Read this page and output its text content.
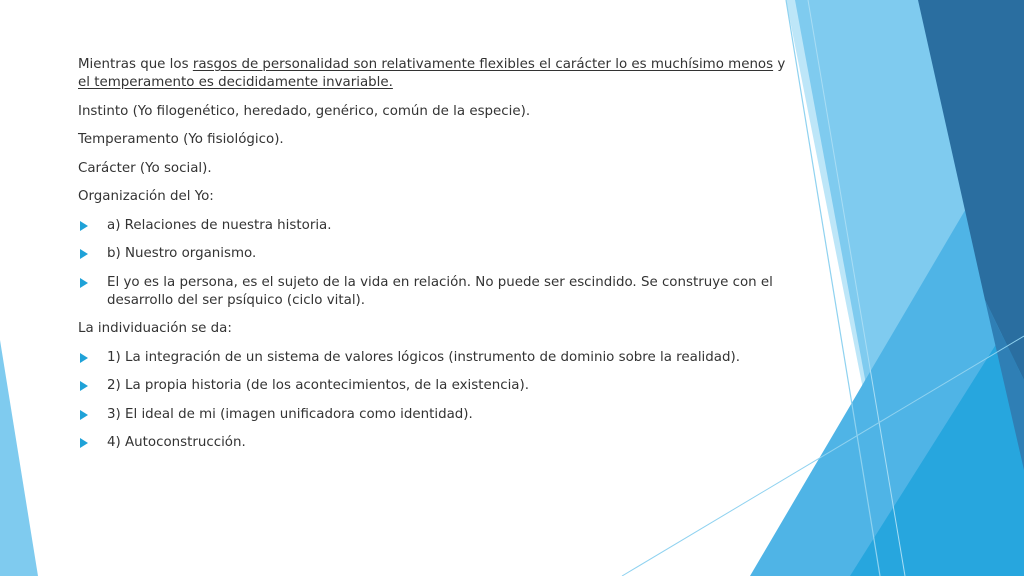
Mientras que los rasgos de personalidad son relativamente flexibles el carácter lo es muchísimo menos y el temperamento es decididamente invariable.

Instinto (Yo filogenético, heredado, genérico, común de la especie).

Temperamento (Yo fisiológico).

Carácter (Yo social).

Organización del Yo:

a) Relaciones de nuestra historia.
b) Nuestro organismo.
El yo es la persona, es el sujeto de la vida en relación. No puede ser escindido. Se construye con el desarrollo del ser psíquico (ciclo vital).

La individuación se da:

1) La integración de un sistema de valores lógicos (instrumento de dominio sobre la realidad).
2) La propia historia (de los acontecimientos, de la existencia).
3) El ideal de mi (imagen unificadora como identidad).
4) Autoconstrucción.
